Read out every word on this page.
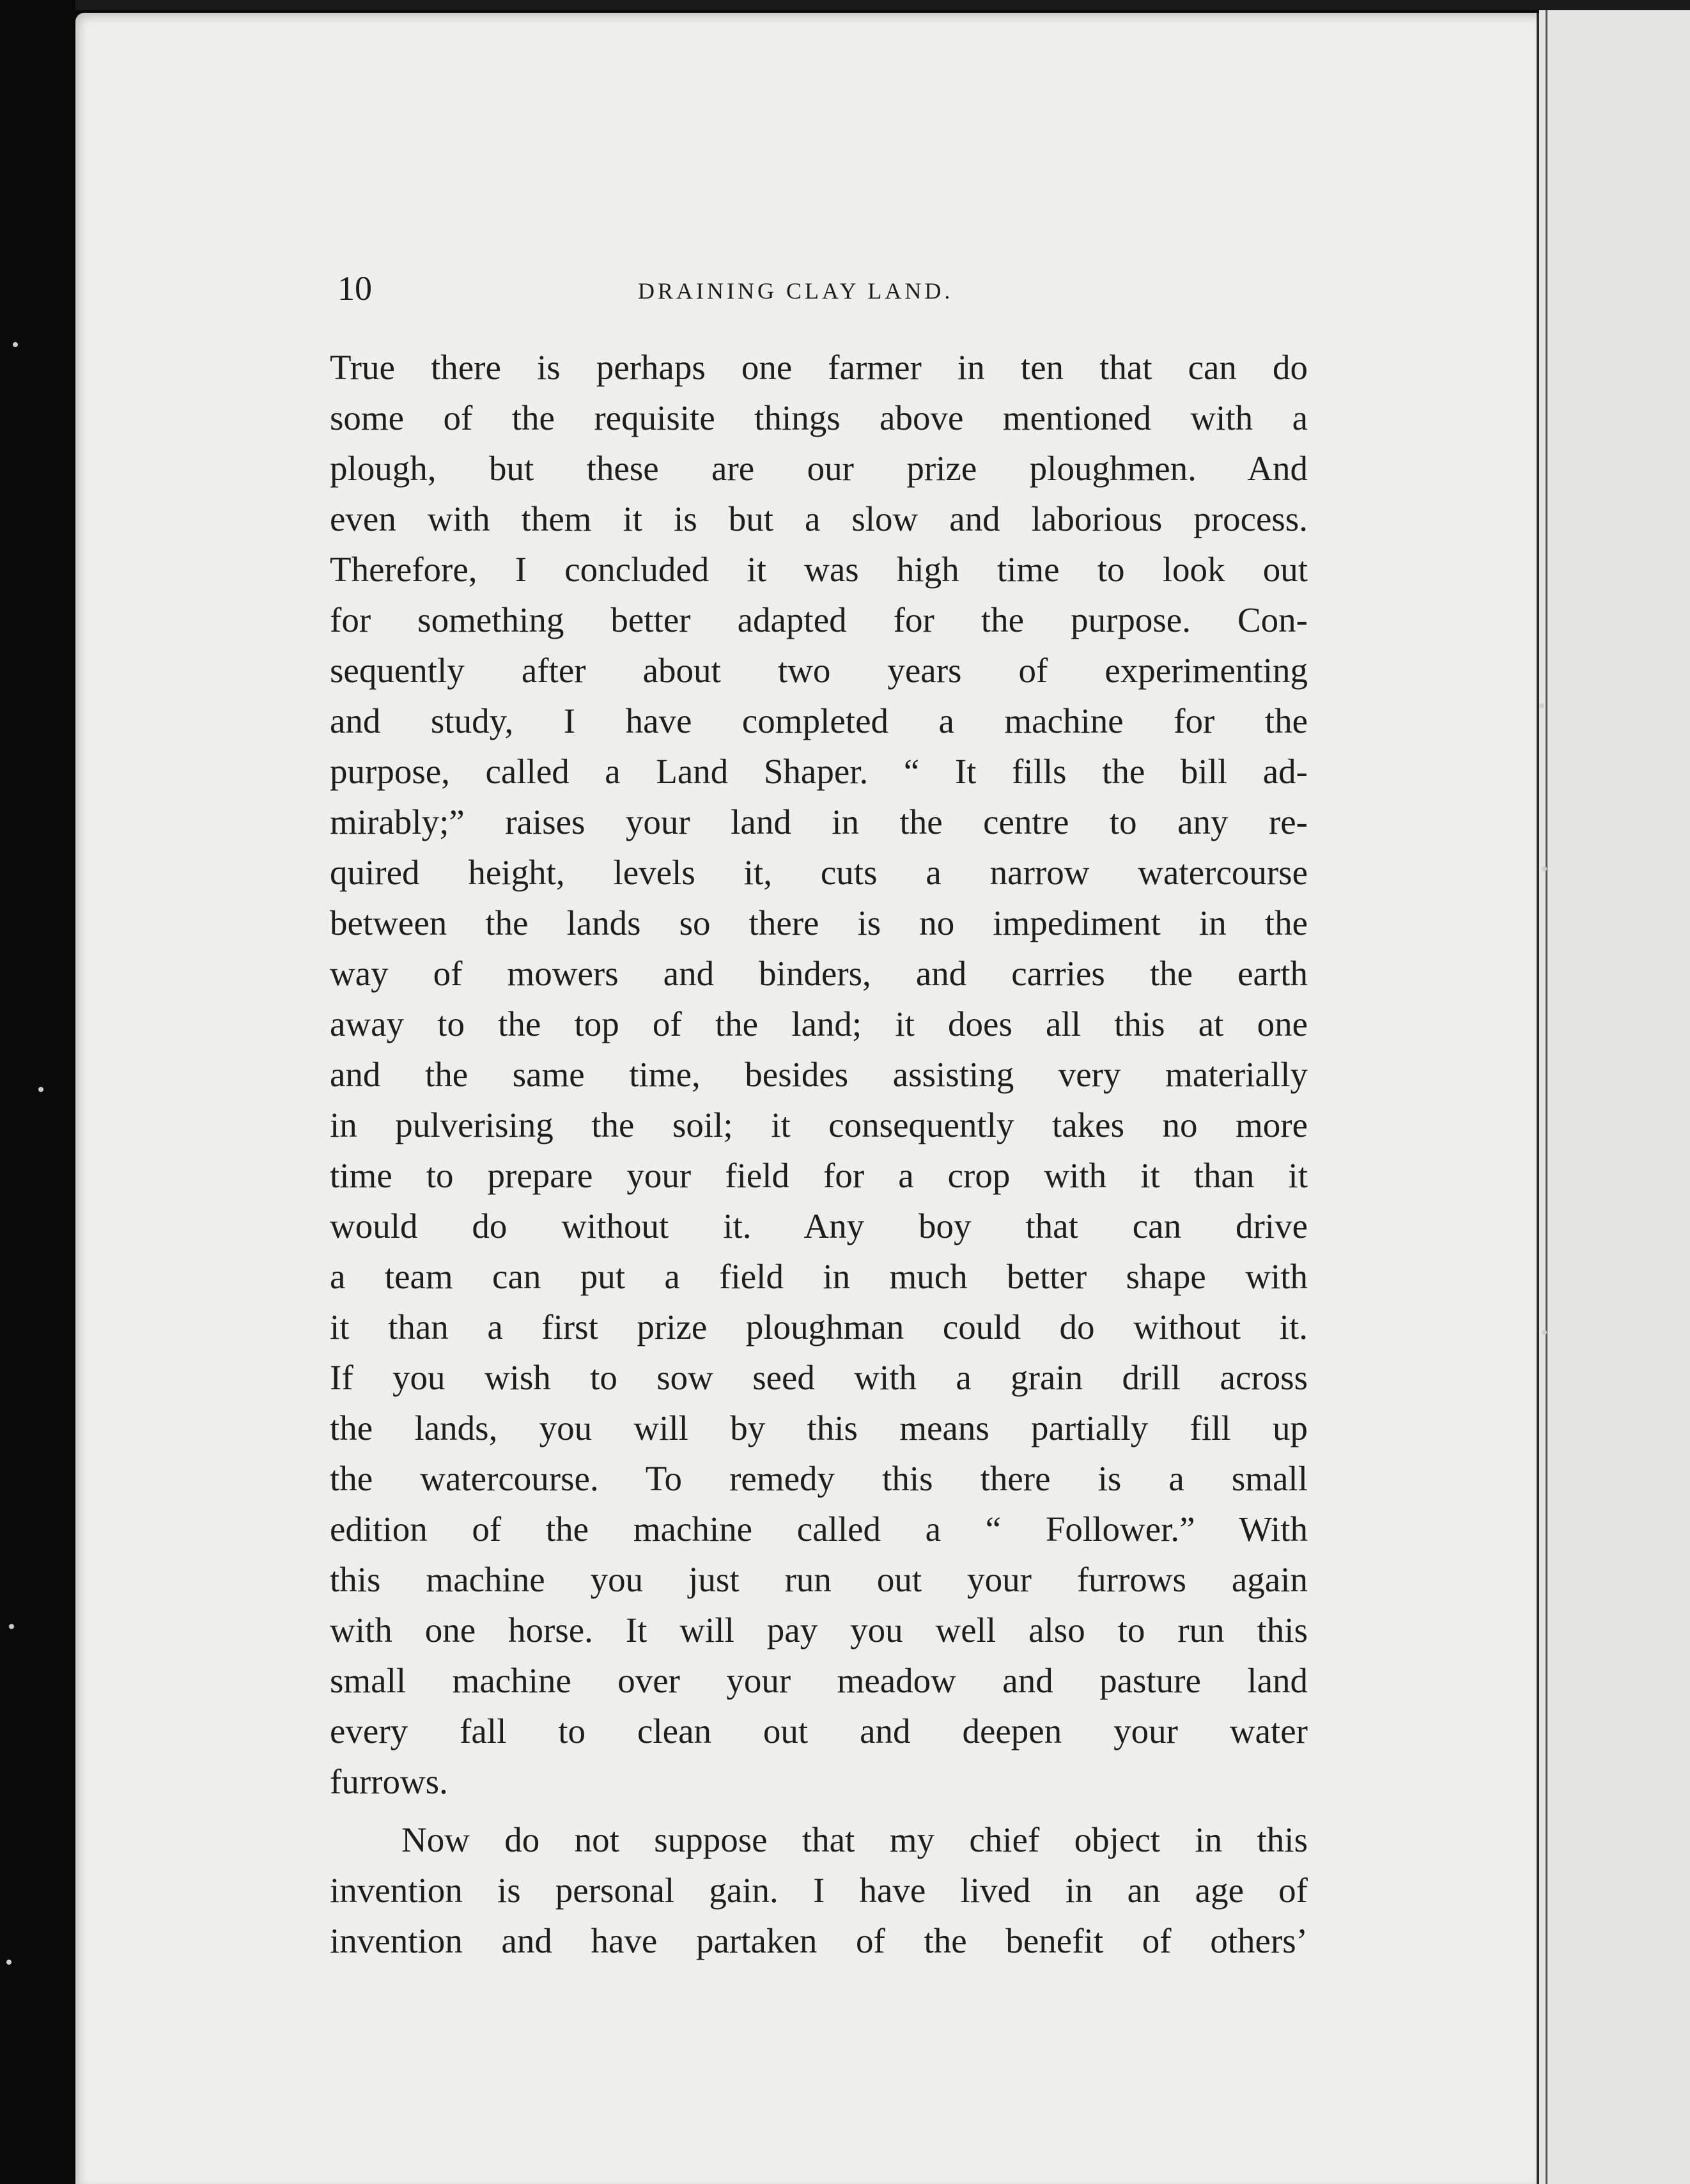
10	DRAINING CLAY LAND.
True there is perhaps one farmer in ten that can do
some of the requisite things above mentioned with a
plough, but these are our prize ploughmen. And
even with them it is but a slow and laborious process.
Therefore, I concluded it was high time to look out
for something better adapted for the purpose. Con-
sequently after about two years of experimenting
and study, I have completed a machine for the
purpose, called a Land Shaper. “ It fills the bill ad-
mirably;” raises your land in the centre to any re-
quired height, levels it, cuts a narrow watercourse
between the lands so there is no impediment in the
way of mowers and binders, and carries the earth
away to the top of the land; it does all this at one
and the same time, besides assisting very materially
in pulverising the soil; it consequently takes no more
time to prepare your field for a crop with it than it
would do without it. Any boy that can drive
a team can put a field in much better shape with
it than a first prize ploughman could do without it.
If you wish to sow seed with a grain drill across
the lands, you will by this means partially fill up
the watercourse. To remedy this there is a small
edition of the machine called a “ Follower.” With
this machine you just run out your furrows again
with one horse. It will pay you well also to run this
small machine over your meadow and pasture land
every fall to clean out and deepen your water
furrows.
Now do not suppose that my chief object in this
invention is personal gain. I have lived in an age of
invention and have partaken of the benefit of others’
